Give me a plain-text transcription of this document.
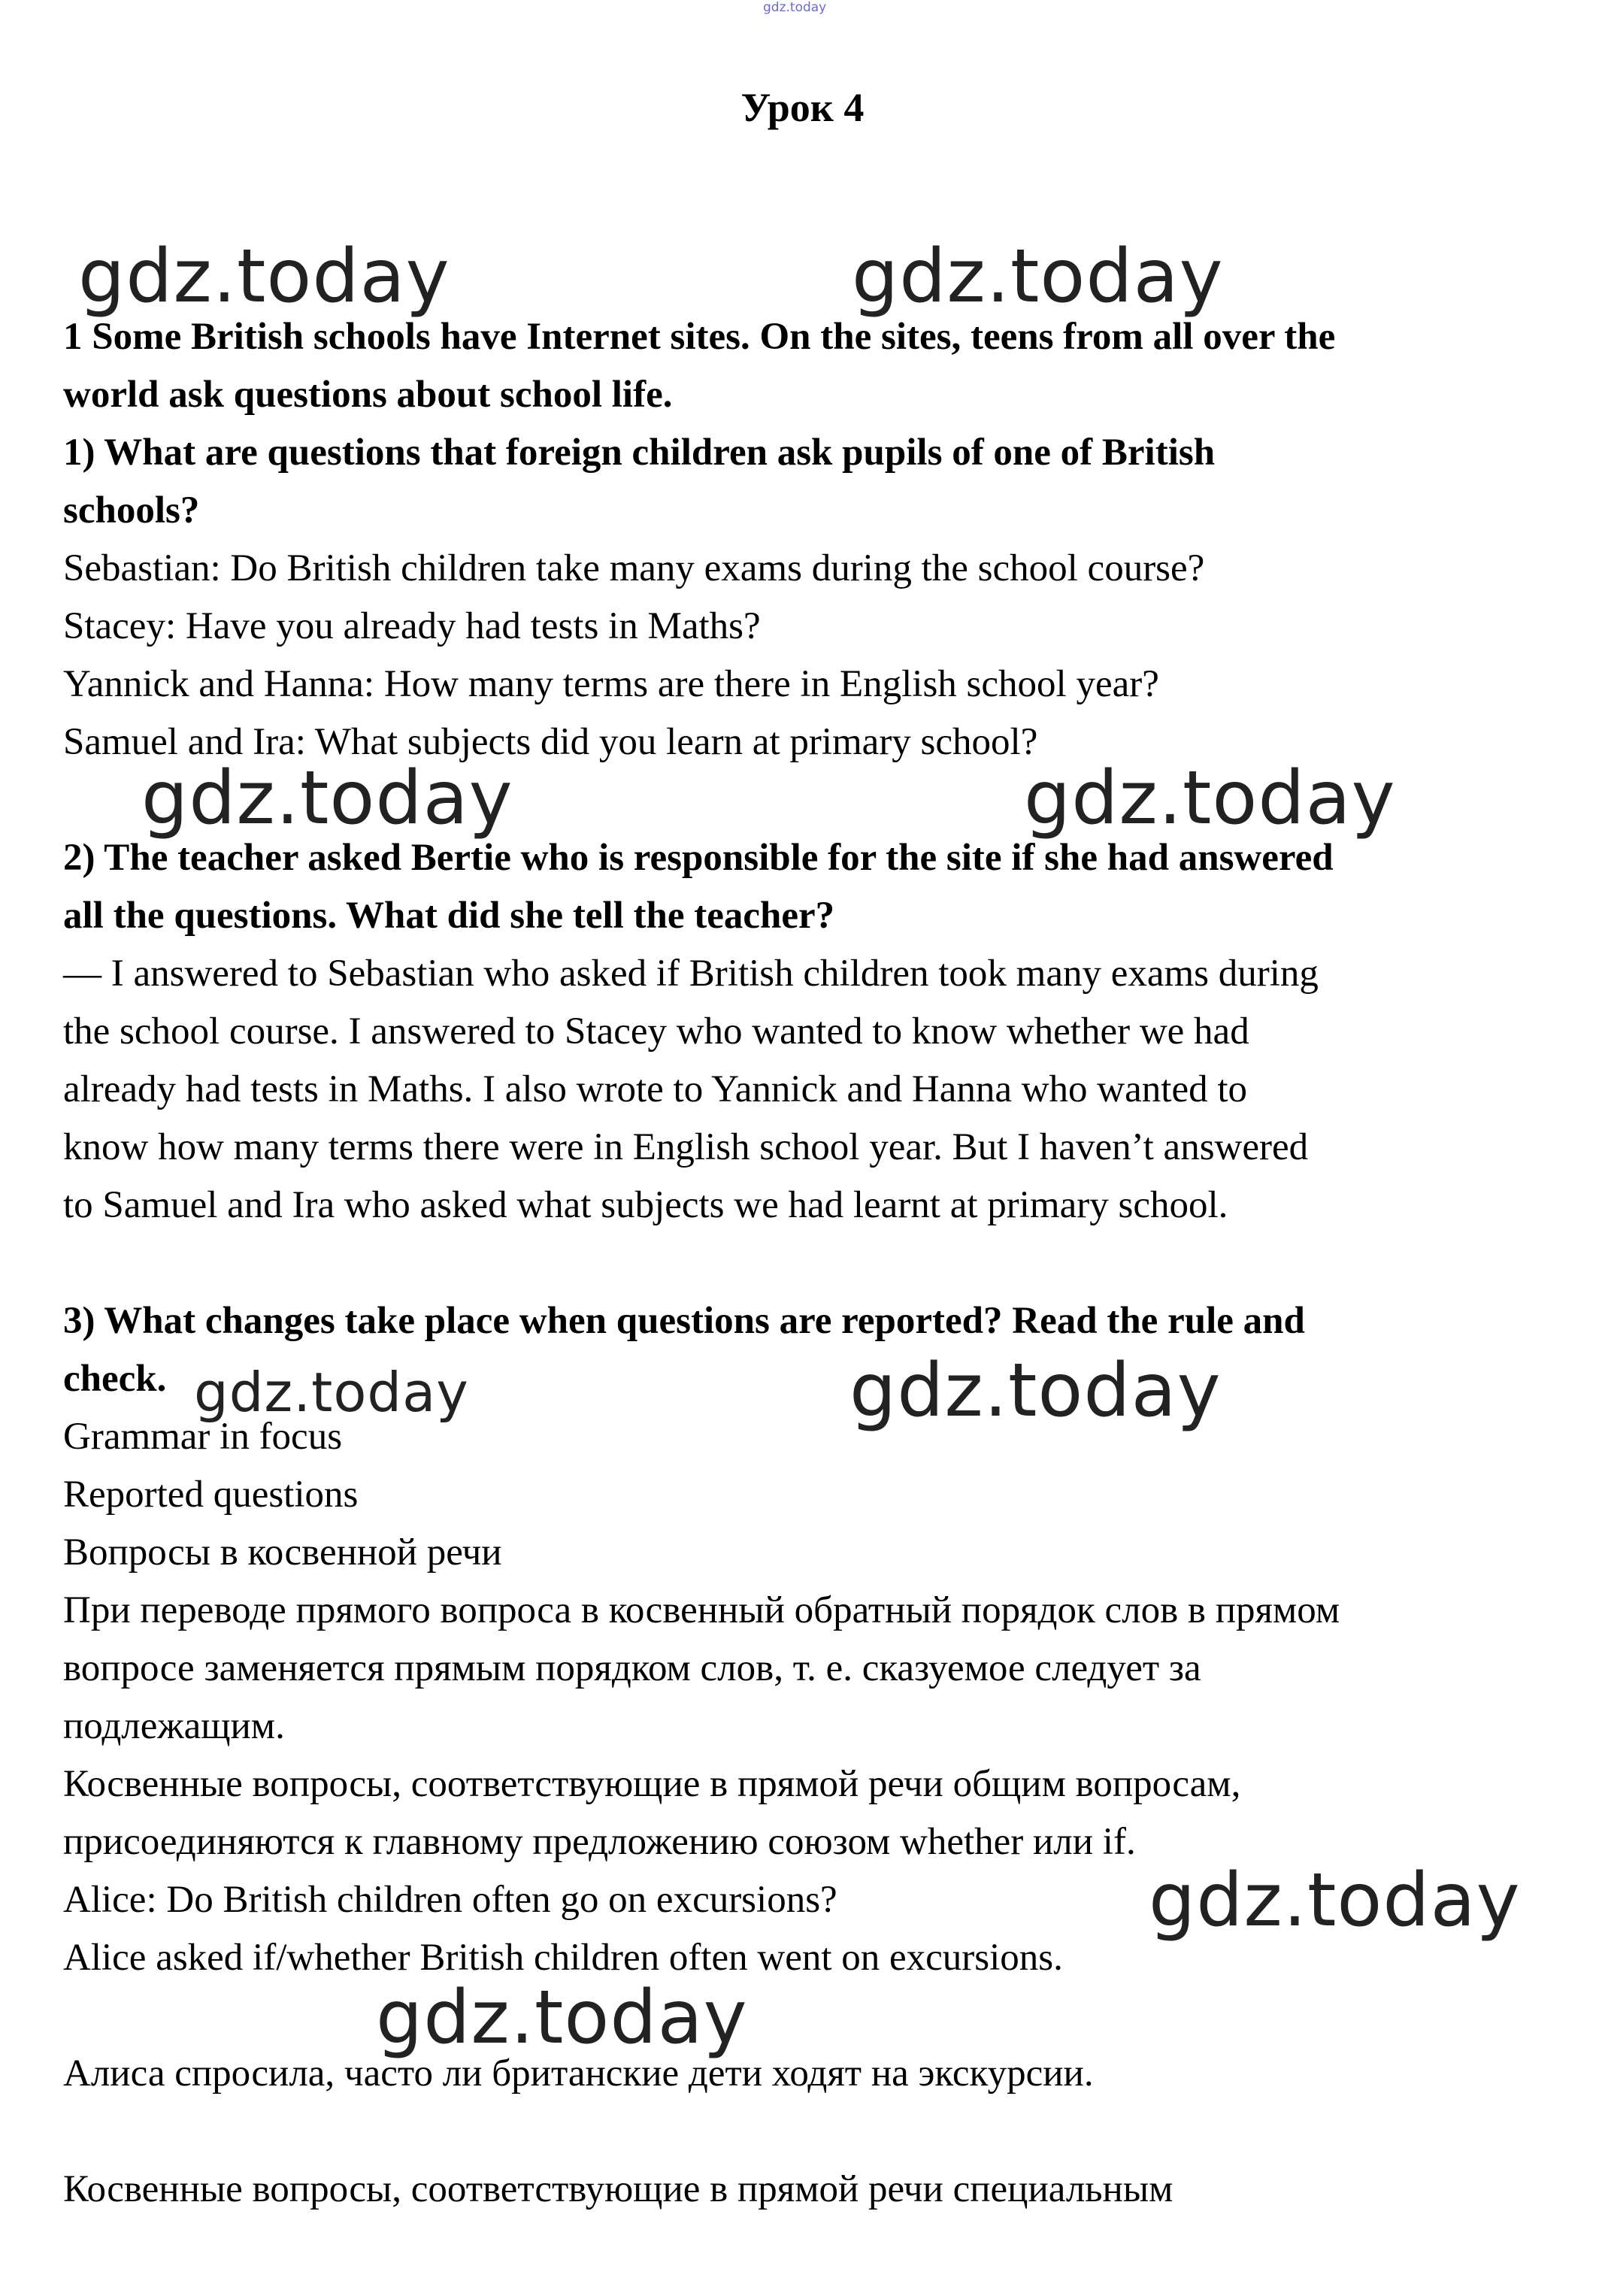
gdz.today
Урок 4
gdz.today	gdz.today
gdz.today	gdz.today
gdz.today	gdz.today
gdz.today
gdz.today

1 Some British schools have Internet sites. On the sites, teens from all over the

world ask questions about school life.

1) What are questions that foreign children ask pupils of one of British

schools?

Sebastian: Do British children take many exams during the school course?

Stacey: Have you already had tests in Maths?

Yannick and Hanna: How many terms are there in English school year?

Samuel and Ira: What subjects did you learn at primary school?

2) The teacher asked Bertie who is responsible for the site if she had answered

all the questions. What did she tell the teacher?

— I answered to Sebastian who asked if British children took many exams during

the school course. I answered to Stacey who wanted to know whether we had

already had tests in Maths. I also wrote to Yannick and Hanna who wanted to

know how many terms there were in English school year. But I haven’t answered

to Samuel and Ira who asked what subjects we had learnt at primary school.

3) What changes take place when questions are reported? Read the rule and

check.

Grammar in focus

Reported questions

Вопросы в косвенной речи

При переводе прямого вопроса в косвенный обратный порядок слов в прямом

вопросе заменяется прямым порядком слов, т. е. сказуемое следует за

подлежащим.

Косвенные вопросы, соответствующие в прямой речи общим вопросам,

присоединяются к главному предложению союзом whether или if.

Alice: Do British children often go on excursions?

Alice asked if/whether British children often went on excursions.

Алиса спросила, часто ли британские дети ходят на экскурсии.

Косвенные вопросы, соответствующие в прямой речи специальным
